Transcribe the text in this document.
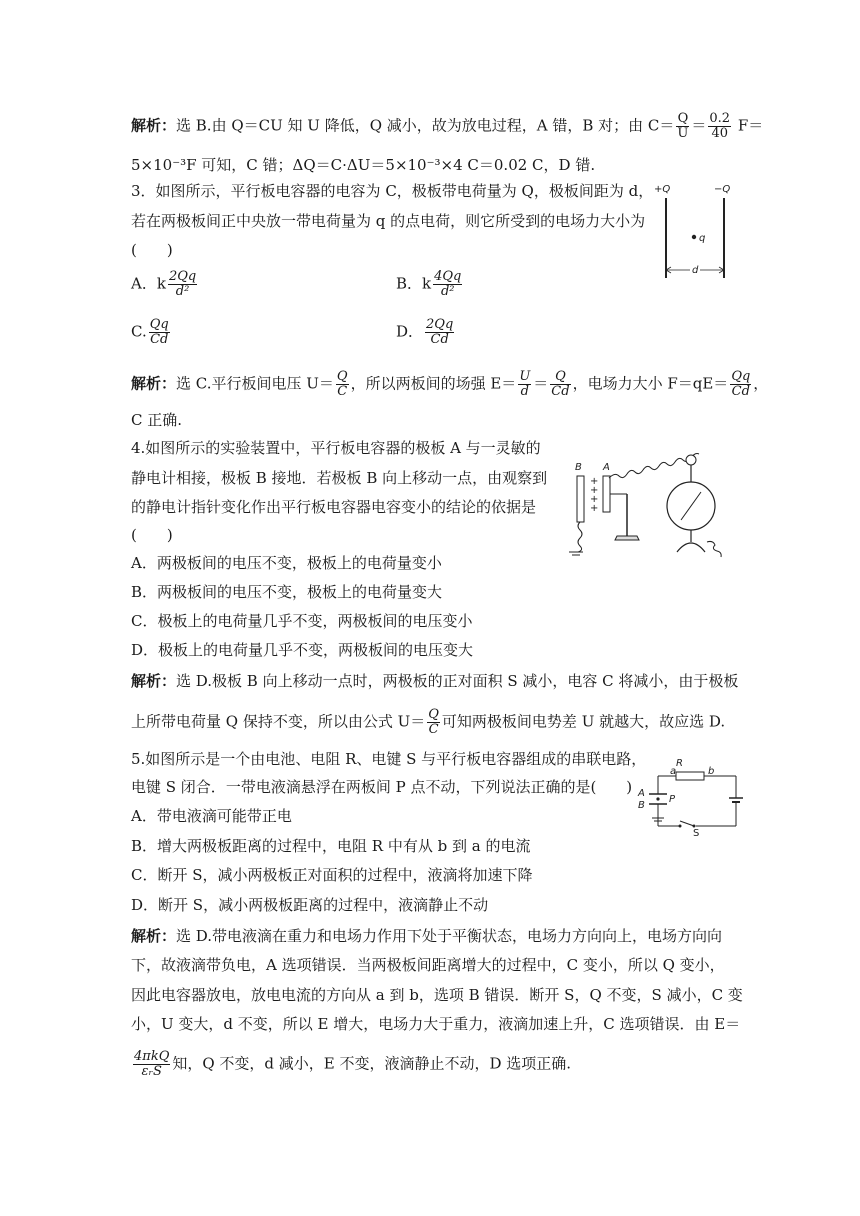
解析：选 B.由 Q＝CU 知 U 降低，Q 减小，故为放电过程，A 错，B 对；由 $C= \frac{Q}{U} = \frac{0.2}{40} F=$
5×10⁻³F 可知，C 错；ΔQ＝C·ΔU＝5×10⁻³×4 C＝0.02 C，D 错.
3．如图所示，平行板电容器的电容为 C，极板带电荷量为 Q，极板间距为 d，
若在两极板间正中央放一带电荷量为 q 的点电荷，则它所受到的电场力大小为
(　　)
A．k $\frac{2Qq}{\text{d²}}$	B．k $\frac{4Qq}{\text{d²}}$
C. $\frac{Qq}{Cd}$	D． $\frac{2Qq}{Cd}$
+Q	−Q
q
d
解析：选 C.平行板间电压 $U= \frac{Q}{C}$ ，所以两板间的场强 $E= \frac{U}{d} = \frac{Q}{Cd}$ ，电场力大小 $F=qE= \frac{Qq}{Cd}$ ，
C 正确.
4.如图所示的实验装置中，平行板电容器的极板 A 与一灵敏的
静电计相接，极板 B 接地．若极板 B 向上移动一点，由观察到
的静电计指针变化作出平行板电容器电容变小的结论的依据是
(　　)
A．两极板间的电压不变，极板上的电荷量变小
B．两极板间的电压不变，极板上的电荷量变大
C．极板上的电荷量几乎不变，两极板间的电压变小
D．极板上的电荷量几乎不变，两极板间的电压变大
B A
+
+
+
+
解析：选 D.极板 B 向上移动一点时，两极板的正对面积 S 减小，电容 C 将减小，由于极板
上所带电荷量 Q 保持不变，所以由公式 $U= \frac{Q}{C}$ 可知两极板间电势差 U 就越大，故应选 D.
5.如图所示是一个由电池、电阻 R、电键 S 与平行板电容器组成的串联电路，
电键 S 闭合．一带电液滴悬浮在两板间 P 点不动，下列说法正确的是(　　)
A．带电液滴可能带正电
B．增大两极板距离的过程中，电阻 R 中有从 b 到 a 的电流
C．断开 S，减小两极板正对面积的过程中，液滴将加速下降
D．断开 S，减小两极板距离的过程中，液滴静止不动
R
a	b
S
A
B
P
解析：选 D.带电液滴在重力和电场力作用下处于平衡状态，电场力方向向上，电场方向向
下，故液滴带负电，A 选项错误．当两极板间距离增大的过程中，C 变小，所以 Q 变小，
因此电容器放电，放电电流的方向从 a 到 b，选项 B 错误．断开 S，Q 不变，S 减小，C 变
小，U 变大，d 不变，所以 E 增大，电场力大于重力，液滴加速上升，C 选项错误．由 E＝
$\frac{\text{4πkQ}}{\text{εᵣS}}$ 知，Q 不变，d 减小，E 不变，液滴静止不动，D 选项正确.
